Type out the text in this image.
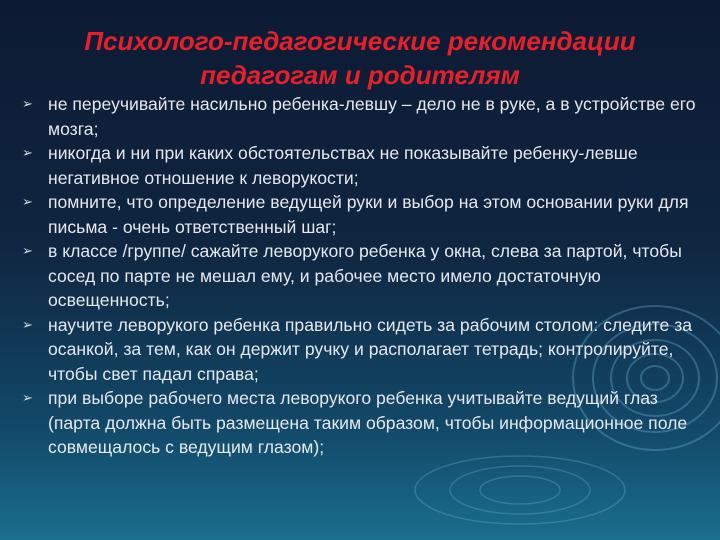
Психолого-педагогические рекомендации
педагогам и родителям
➢ не переучивайте насильно ребенка-левшу – дело не в руке, а в устройстве его мозга;
➢ никогда и ни при каких обстоятельствах не показывайте ребенку-левше негативное отношение к леворукости;
➢ помните, что определение ведущей руки и выбор на этом основании руки для письма - очень ответственный шаг;
➢ в классе /группе/ сажайте леворукого ребенка у окна, слева за партой, чтобы сосед по парте не мешал ему, и рабочее место имело достаточную освещенность;
➢ научите леворукого ребенка правильно сидеть за рабочим столом: следите за осанкой, за тем, как он держит ручку и располагает тетрадь; контролируйте, чтобы свет падал справа;
➢ при выборе рабочего места леворукого ребенка учитывайте ведущий глаз (парта должна быть размещена таким образом, чтобы информационное поле совмещалось с ведущим глазом);
